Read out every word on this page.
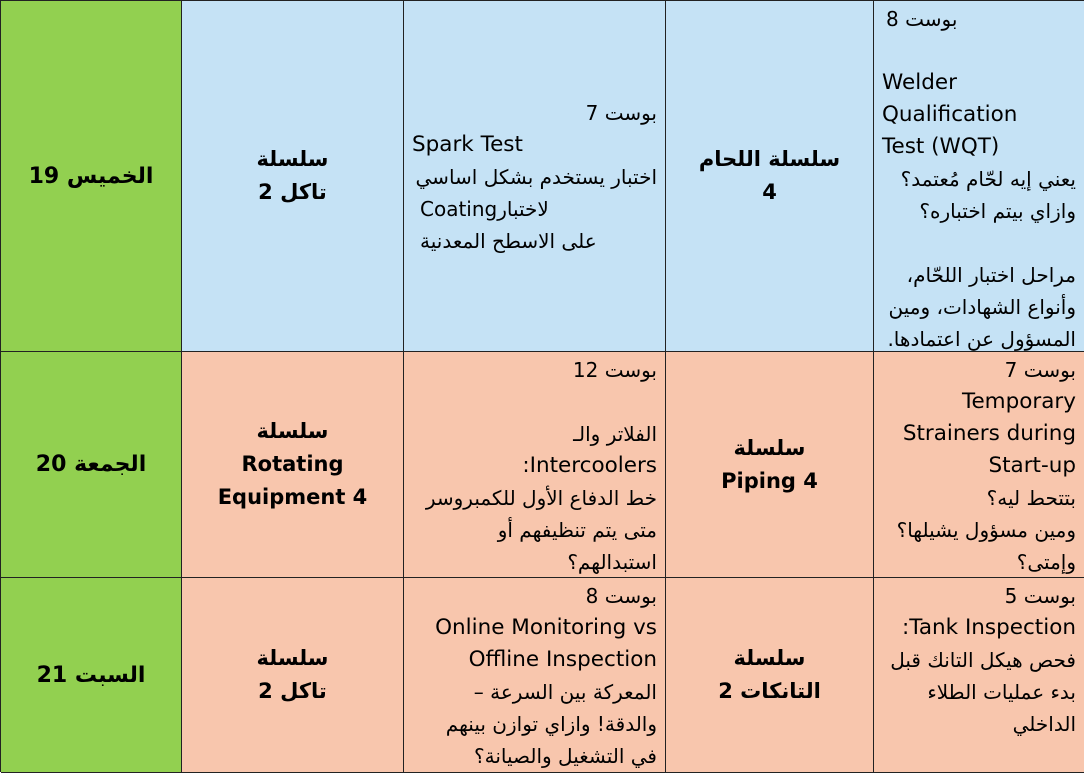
الخميس 19
سلسلة
تاكل 2
بوست 7
Spark Test
اختبار يستخدم بشكل اساسي
لاختبارCoating
على الاسطح المعدنية
سلسلة اللحام
4
بوست 8
Welder
Qualification
Test (WQT)
يعني إيه لحّام مُعتمد؟
وازاي بيتم اختباره؟
مراحل اختبار اللحّام،
وأنواع الشهادات، ومين
المسؤول عن اعتمادها.
الجمعة 20
سلسلة
Rotating
Equipment 4
بوست 12
الفلاتر والـ
Intercoolers:
خط الدفاع الأول للكمبروسر
متى يتم تنظيفهم أو استبدالهم؟
سلسلة
Piping 4
بوست 7
Temporary
Strainers during
Start-up
بتتحط ليه؟
ومين مسؤول يشيلها؟
وإمتى؟
السبت 21
سلسلة
تاكل 2
بوست 8
Online Monitoring vs
Offline Inspection
المعركة بين السرعة –
والدقة! وازاي توازن بينهم
في التشغيل والصيانة؟
سلسلة
التانكات 2
بوست 5
Tank Inspection:
فحص هيكل التانك قبل
بدء عمليات الطلاء
الداخلي
